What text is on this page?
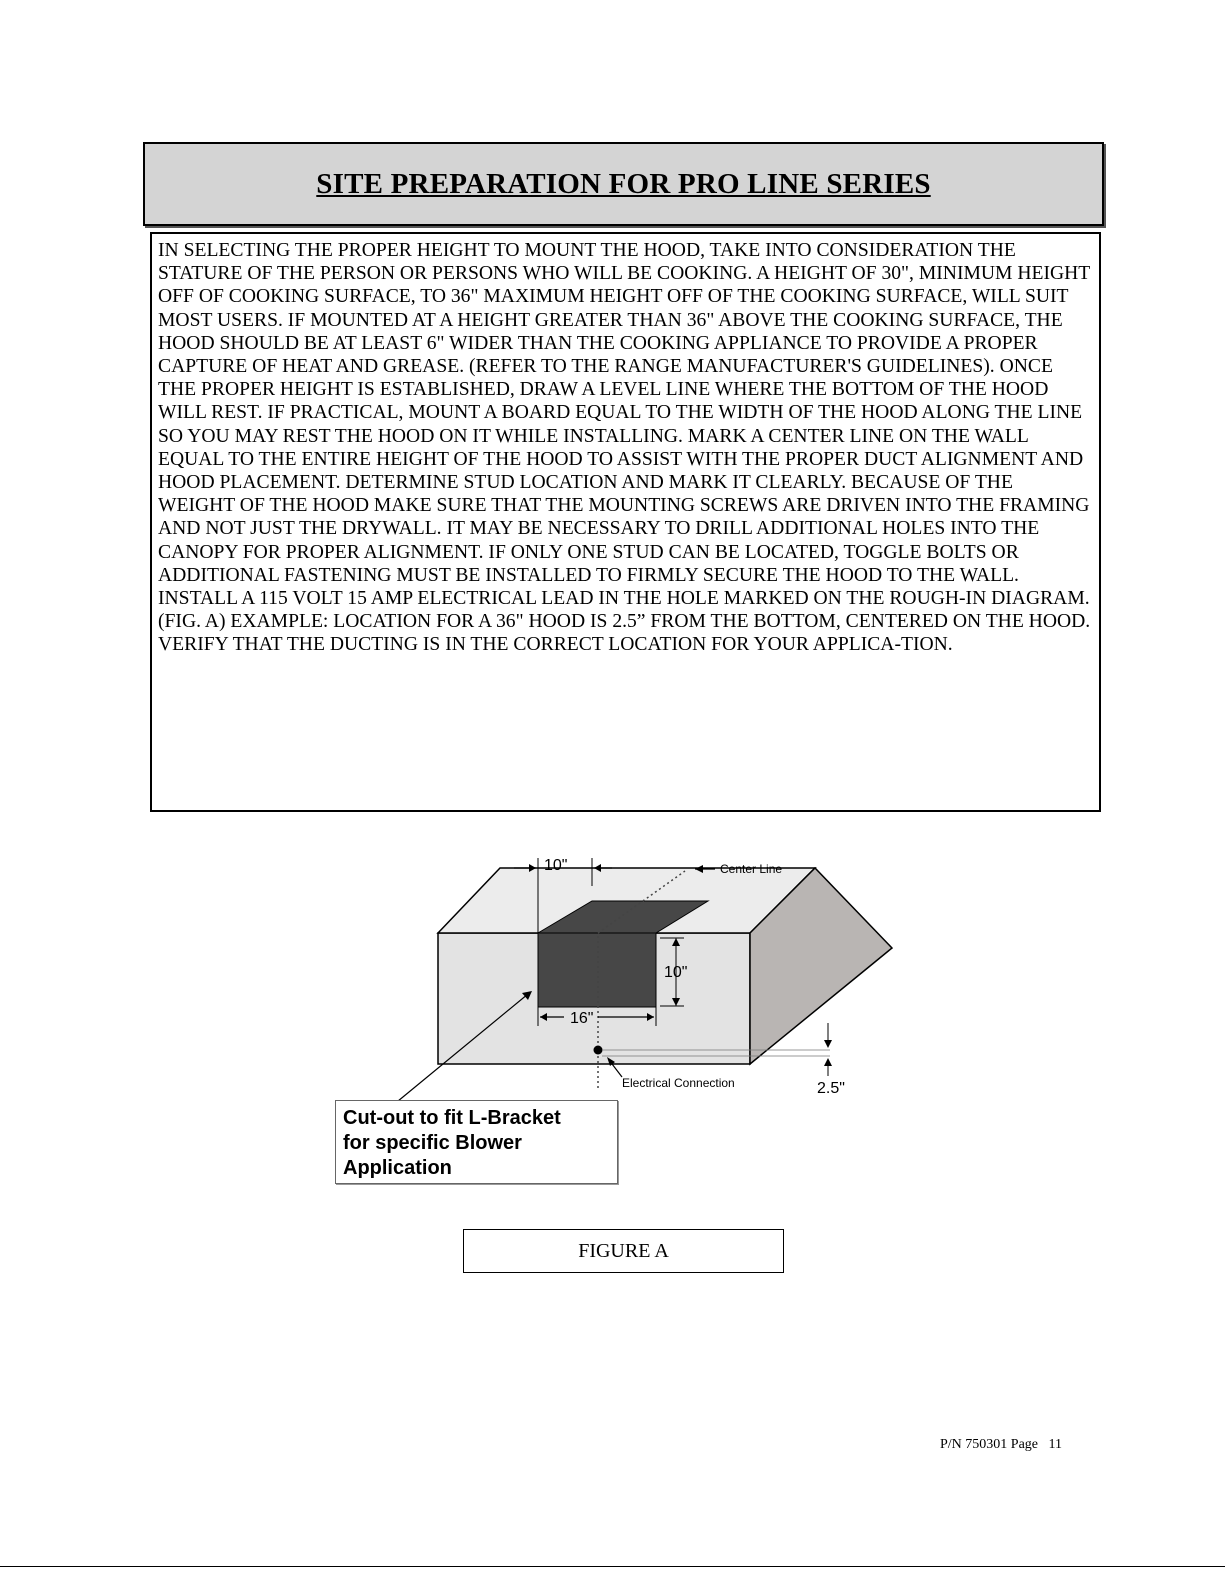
SITE PREPARATION FOR PRO LINE SERIES

IN SELECTING THE PROPER HEIGHT TO MOUNT THE HOOD, TAKE INTO CONSIDERATION THE STATURE OF THE PERSON OR PERSONS WHO WILL BE COOKING. A HEIGHT OF 30", MINIMUM HEIGHT OFF OF COOKING SURFACE, TO 36" MAXIMUM HEIGHT OFF OF THE COOKING SURFACE, WILL SUIT MOST USERS. IF MOUNTED AT A HEIGHT GREATER THAN 36" ABOVE THE COOKING SURFACE, THE HOOD SHOULD BE AT LEAST 6" WIDER THAN THE COOKING APPLIANCE TO PROVIDE A PROPER CAPTURE OF HEAT AND GREASE. (REFER TO THE RANGE MANUFACTURER'S GUIDELINES). ONCE THE PROPER HEIGHT IS ESTABLISHED, DRAW A LEVEL LINE WHERE THE BOTTOM OF THE HOOD WILL REST. IF PRACTICAL, MOUNT A BOARD EQUAL TO THE WIDTH OF THE HOOD ALONG THE LINE SO YOU MAY REST THE HOOD ON IT WHILE INSTALLING. MARK A CENTER LINE ON THE WALL EQUAL TO THE ENTIRE HEIGHT OF THE HOOD TO ASSIST WITH THE PROPER DUCT ALIGNMENT AND HOOD PLACEMENT. DETERMINE STUD LOCATION AND MARK IT CLEARLY. BECAUSE OF THE WEIGHT OF THE HOOD MAKE SURE THAT THE MOUNTING SCREWS ARE DRIVEN INTO THE FRAMING AND NOT JUST THE DRYWALL. IT MAY BE NECESSARY TO DRILL ADDITIONAL HOLES INTO THE CANOPY FOR PROPER ALIGNMENT. IF ONLY ONE STUD CAN BE LOCATED, TOGGLE BOLTS OR ADDITIONAL FASTENING MUST BE INSTALLED TO FIRMLY SECURE THE HOOD TO THE WALL. INSTALL A 115 VOLT 15 AMP ELECTRICAL LEAD IN THE HOLE MARKED ON THE ROUGH-IN DIAGRAM. (FIG. A) EXAMPLE: LOCATION FOR A 36" HOOD IS 2.5” FROM THE BOTTOM, CENTERED ON THE HOOD. VERIFY THAT THE DUCTING IS IN THE CORRECT LOCATION FOR YOUR APPLICA-TION.

10"	Center Line
10"
16"
Electrical Connection	2.5"
Cut-out to fit L-Bracket
for specific Blower
Application
FIGURE A
P/N 750301 Page   11
